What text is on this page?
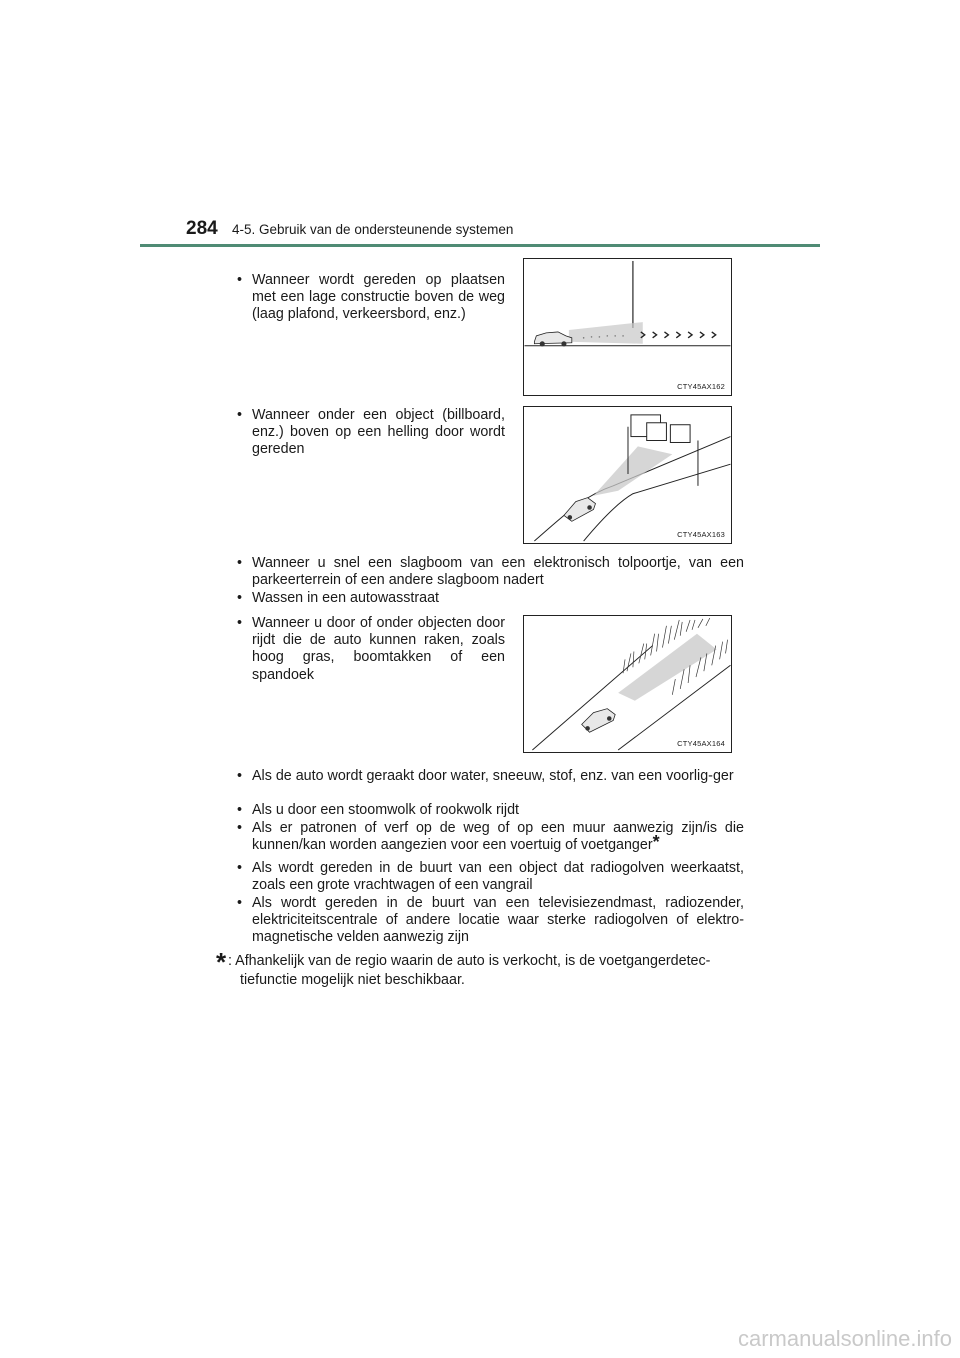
284 4-5. Gebruik van de ondersteunende systemen
• Wanneer wordt gereden op plaatsen met een lage constructie boven de weg (laag plafond, verkeersbord, enz.)
CTY45AX162
• Wanneer onder een object (billboard, enz.) boven op een helling door wordt gereden
CTY45AX163
• Wanneer u snel een slagboom van een elektronisch tolpoortje, van een parkeerterrein of een andere slagboom nadert
• Wassen in een autowasstraat
• Wanneer u door of onder objecten door rijdt die de auto kunnen raken, zoals hoog gras, boomtakken of een spandoek
CTY45AX164
• Als de auto wordt geraakt door water, sneeuw, stof, enz. van een voorlig-ger
• Als u door een stoomwolk of rookwolk rijdt
• Als er patronen of verf op de weg of op een muur aanwezig zijn/is die kunnen/kan worden aangezien voor een voertuig of voetganger*
• Als wordt gereden in de buurt van een object dat radiogolven weerkaatst, zoals een grote vrachtwagen of een vangrail
• Als wordt gereden in de buurt van een televisiezendmast, radiozender, elektriciteitscentrale of andere locatie waar sterke radiogolven of elektro-magnetische velden aanwezig zijn
* : Afhankelijk van de regio waarin de auto is verkocht, is de voetgangerdetec-
tiefunctie mogelijk niet beschikbaar.
carmanualsonline.info
